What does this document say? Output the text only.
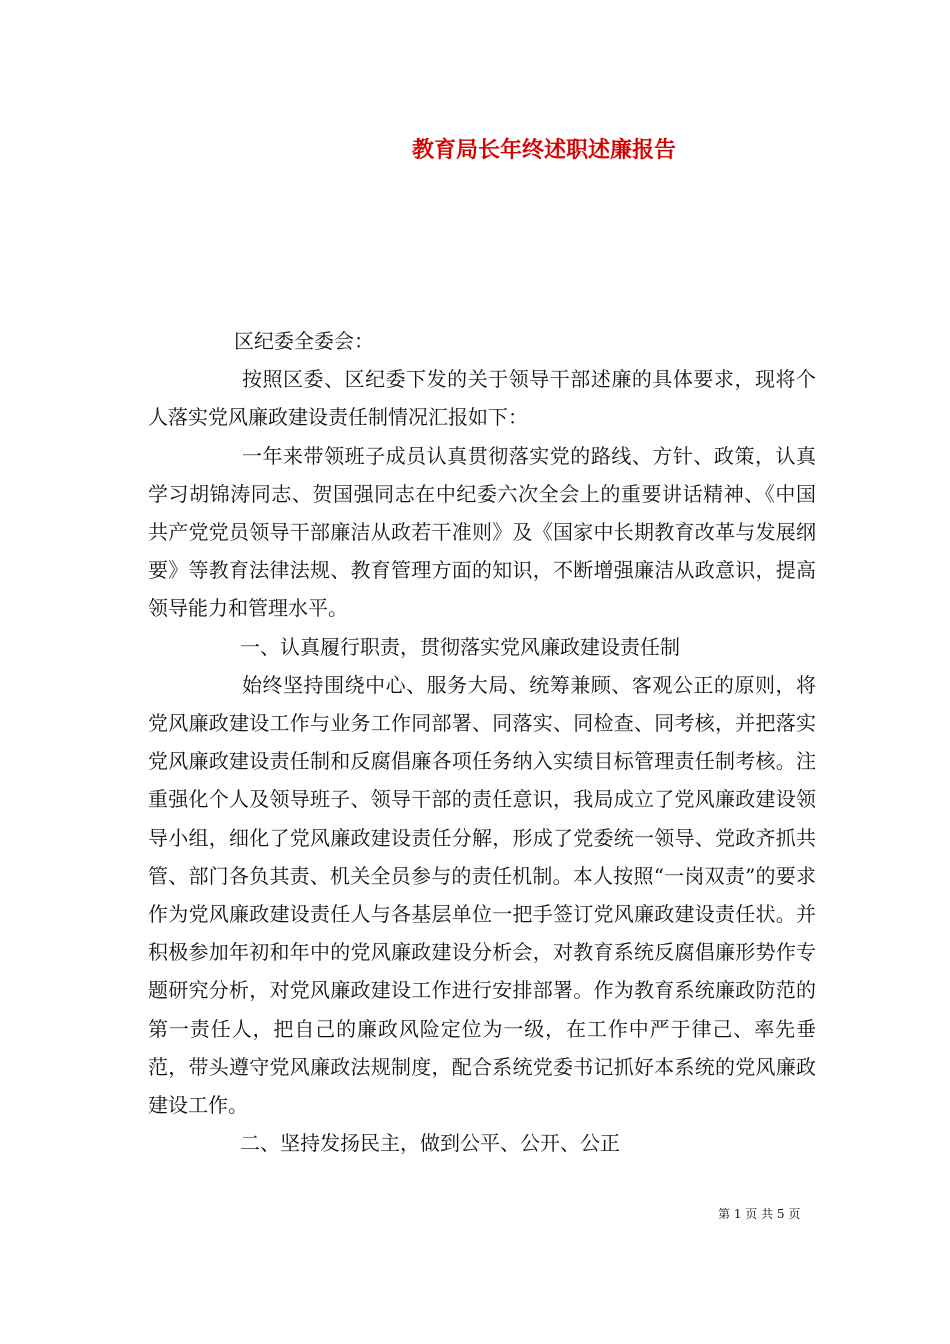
教育局长年终述职述廉报告

区纪委全委会：

按照区委、区纪委下发的关于领导干部述廉的具体要求，现将个人落实党风廉政建设责任制情况汇报如下：

一年来带领班子成员认真贯彻落实党的路线、方针、政策，认真学习胡锦涛同志、贺国强同志在中纪委六次全会上的重要讲话精神、《中国共产党党员领导干部廉洁从政若干准则》及《国家中长期教育改革与发展纲要》等教育法律法规、教育管理方面的知识，不断增强廉洁从政意识，提高领导能力和管理水平。

一、认真履行职责，贯彻落实党风廉政建设责任制

始终坚持围绕中心、服务大局、统筹兼顾、客观公正的原则，将党风廉政建设工作与业务工作同部署、同落实、同检查、同考核，并把落实党风廉政建设责任制和反腐倡廉各项任务纳入实绩目标管理责任制考核。注重强化个人及领导班子、领导干部的责任意识，我局成立了党风廉政建设领导小组，细化了党风廉政建设责任分解，形成了党委统一领导、党政齐抓共管、部门各负其责、机关全员参与的责任机制。本人按照“一岗双责”的要求作为党风廉政建设责任人与各基层单位一把手签订党风廉政建设责任状。并积极参加年初和年中的党风廉政建设分析会，对教育系统反腐倡廉形势作专题研究分析，对党风廉政建设工作进行安排部署。作为教育系统廉政防范的第一责任人，把自己的廉政风险定位为一级，在工作中严于律己、率先垂范，带头遵守党风廉政法规制度，配合系统党委书记抓好本系统的党风廉政建设工作。

二、坚持发扬民主，做到公平、公开、公正

第 1 页 共 5 页
